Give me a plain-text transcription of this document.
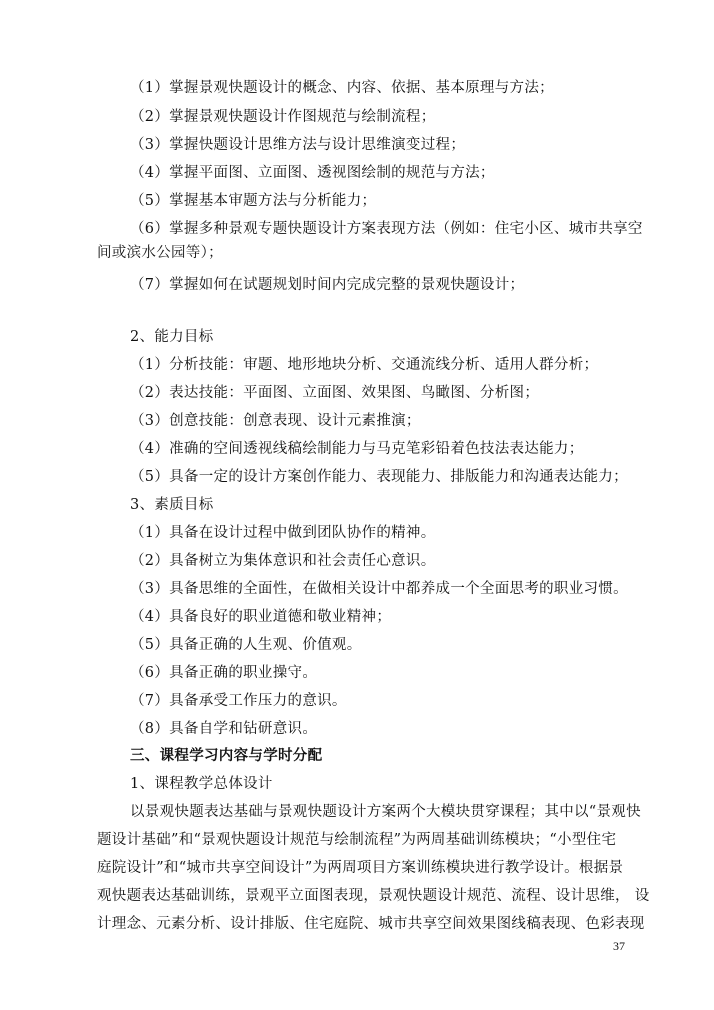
（1）掌握景观快题设计的概念、内容、依据、基本原理与方法；
（2）掌握景观快题设计作图规范与绘制流程；
（3）掌握快题设计思维方法与设计思维演变过程；
（4）掌握平面图、立面图、透视图绘制的规范与方法；
（5）掌握基本审题方法与分析能力；
（6）掌握多种景观专题快题设计方案表现方法（例如：住宅小区、城市共享空
间或滨水公园等）；
（7）掌握如何在试题规划时间内完成完整的景观快题设计；
2、能力目标
（1）分析技能：审题、地形地块分析、交通流线分析、适用人群分析；
（2）表达技能：平面图、立面图、效果图、鸟瞰图、分析图；
（3）创意技能：创意表现、设计元素推演；
（4）准确的空间透视线稿绘制能力与马克笔彩铅着色技法表达能力；
（5）具备一定的设计方案创作能力、表现能力、排版能力和沟通表达能力；
3、素质目标
（1）具备在设计过程中做到团队协作的精神。
（2）具备树立为集体意识和社会责任心意识。
（3）具备思维的全面性，在做相关设计中都养成一个全面思考的职业习惯。
（4）具备良好的职业道德和敬业精神；
（5）具备正确的人生观、价值观。
（6）具备正确的职业操守。
（7）具备承受工作压力的意识。
（8）具备自学和钻研意识。
三、课程学习内容与学时分配
1、课程教学总体设计
以景观快题表达基础与景观快题设计方案两个大模块贯穿课程；其中以“景观快
题设计基础”和“景观快题设计规范与绘制流程”为两周基础训练模块；“小型住宅
庭院设计”和“城市共享空间设计”为两周项目方案训练模块进行教学设计。根据景
观快题表达基础训练，景观平立面图表现，景观快题设计规范、流程、设计思维， 设
计理念、元素分析、设计排版、住宅庭院、城市共享空间效果图线稿表现、色彩表现
37
